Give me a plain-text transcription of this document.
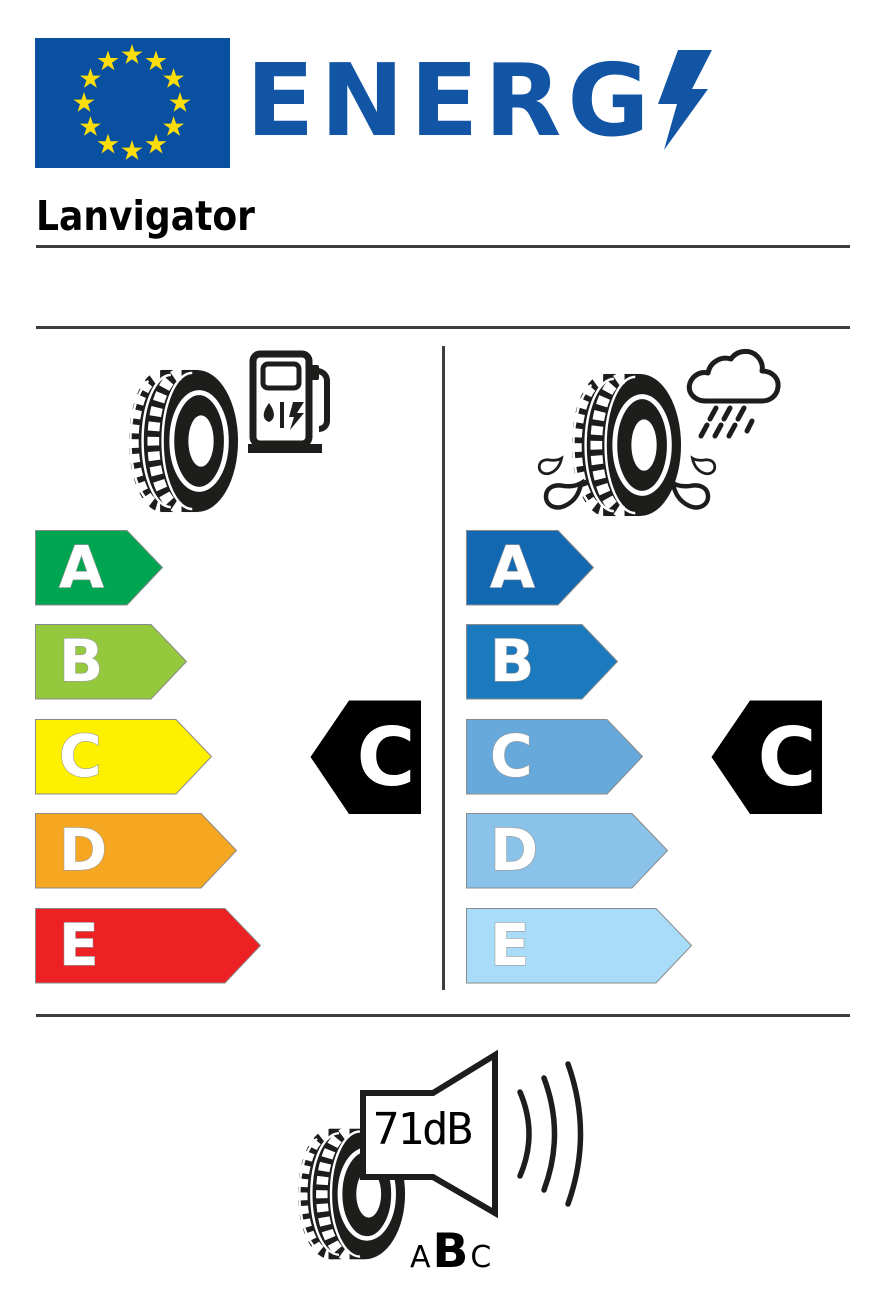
ENERG
Lanvigator
A
B
C
D
E
C
A
B
C
D
E
C
71dB
A B C
